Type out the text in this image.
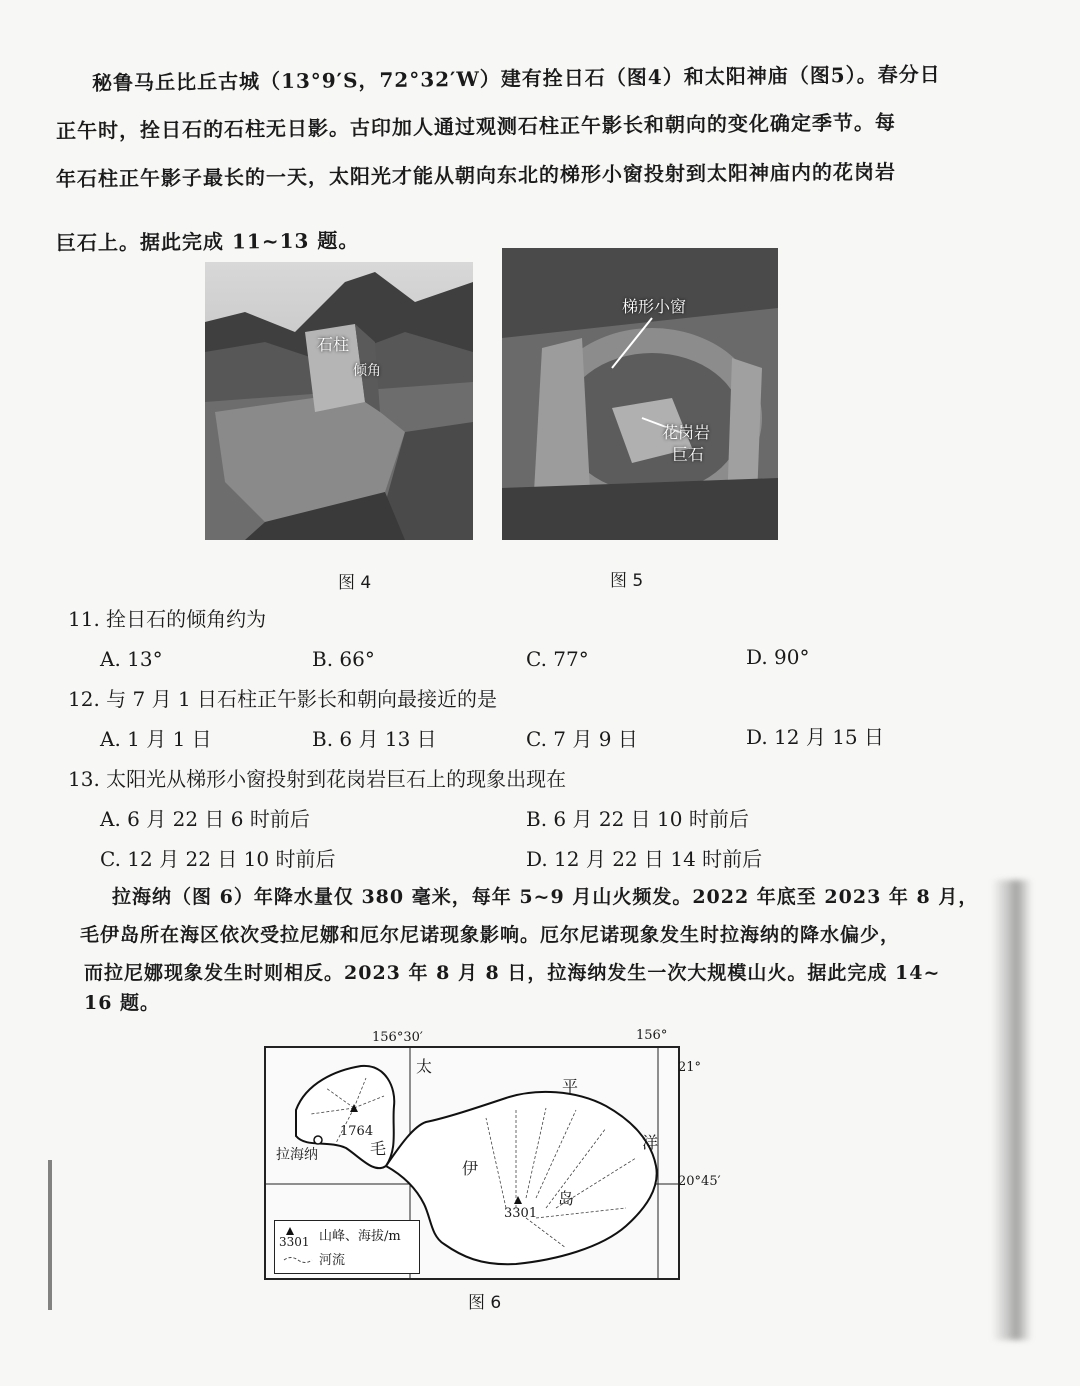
秘鲁马丘比丘古城（13°9′S，72°32′W）建有拴日石（图4）和太阳神庙（图5）。春分日
正午时，拴日石的石柱无日影。古印加人通过观测石柱正午影长和朝向的变化确定季节。每
年石柱正午影子最长的一天，太阳光才能从朝向东北的梯形小窗投射到太阳神庙内的花岗岩
巨石上。据此完成 11~13 题。
石柱
倾角
图 4
梯形小窗
花岗岩
巨石
图 5
11. 拴日石的倾角约为
A. 13°	B. 66°	C. 77°	D. 90°
12. 与 7 月 1 日石柱正午影长和朝向最接近的是
A. 1 月 1 日	B. 6 月 13 日	C. 7 月 9 日	D. 12 月 15 日
13. 太阳光从梯形小窗投射到花岗岩巨石上的现象出现在
A. 6 月 22 日 6 时前后	B. 6 月 22 日 10 时前后
C. 12 月 22 日 10 时前后	D. 12 月 22 日 14 时前后
拉海纳（图 6）年降水量仅 380 毫米，每年 5~9 月山火频发。2022 年底至 2023 年 8 月，
毛伊岛所在海区依次受拉尼娜和厄尔尼诺现象影响。厄尔尼诺现象发生时拉海纳的降水偏少，
而拉尼娜现象发生时则相反。2023 年 8 月 8 日，拉海纳发生一次大规模山火。据此完成 14~
16 题。
1764
3301
拉海纳
太
平
洋
毛
伊
岛
3301 山峰、海拔/m
河流
156°30′	156°
21°
20°45′
图 6
